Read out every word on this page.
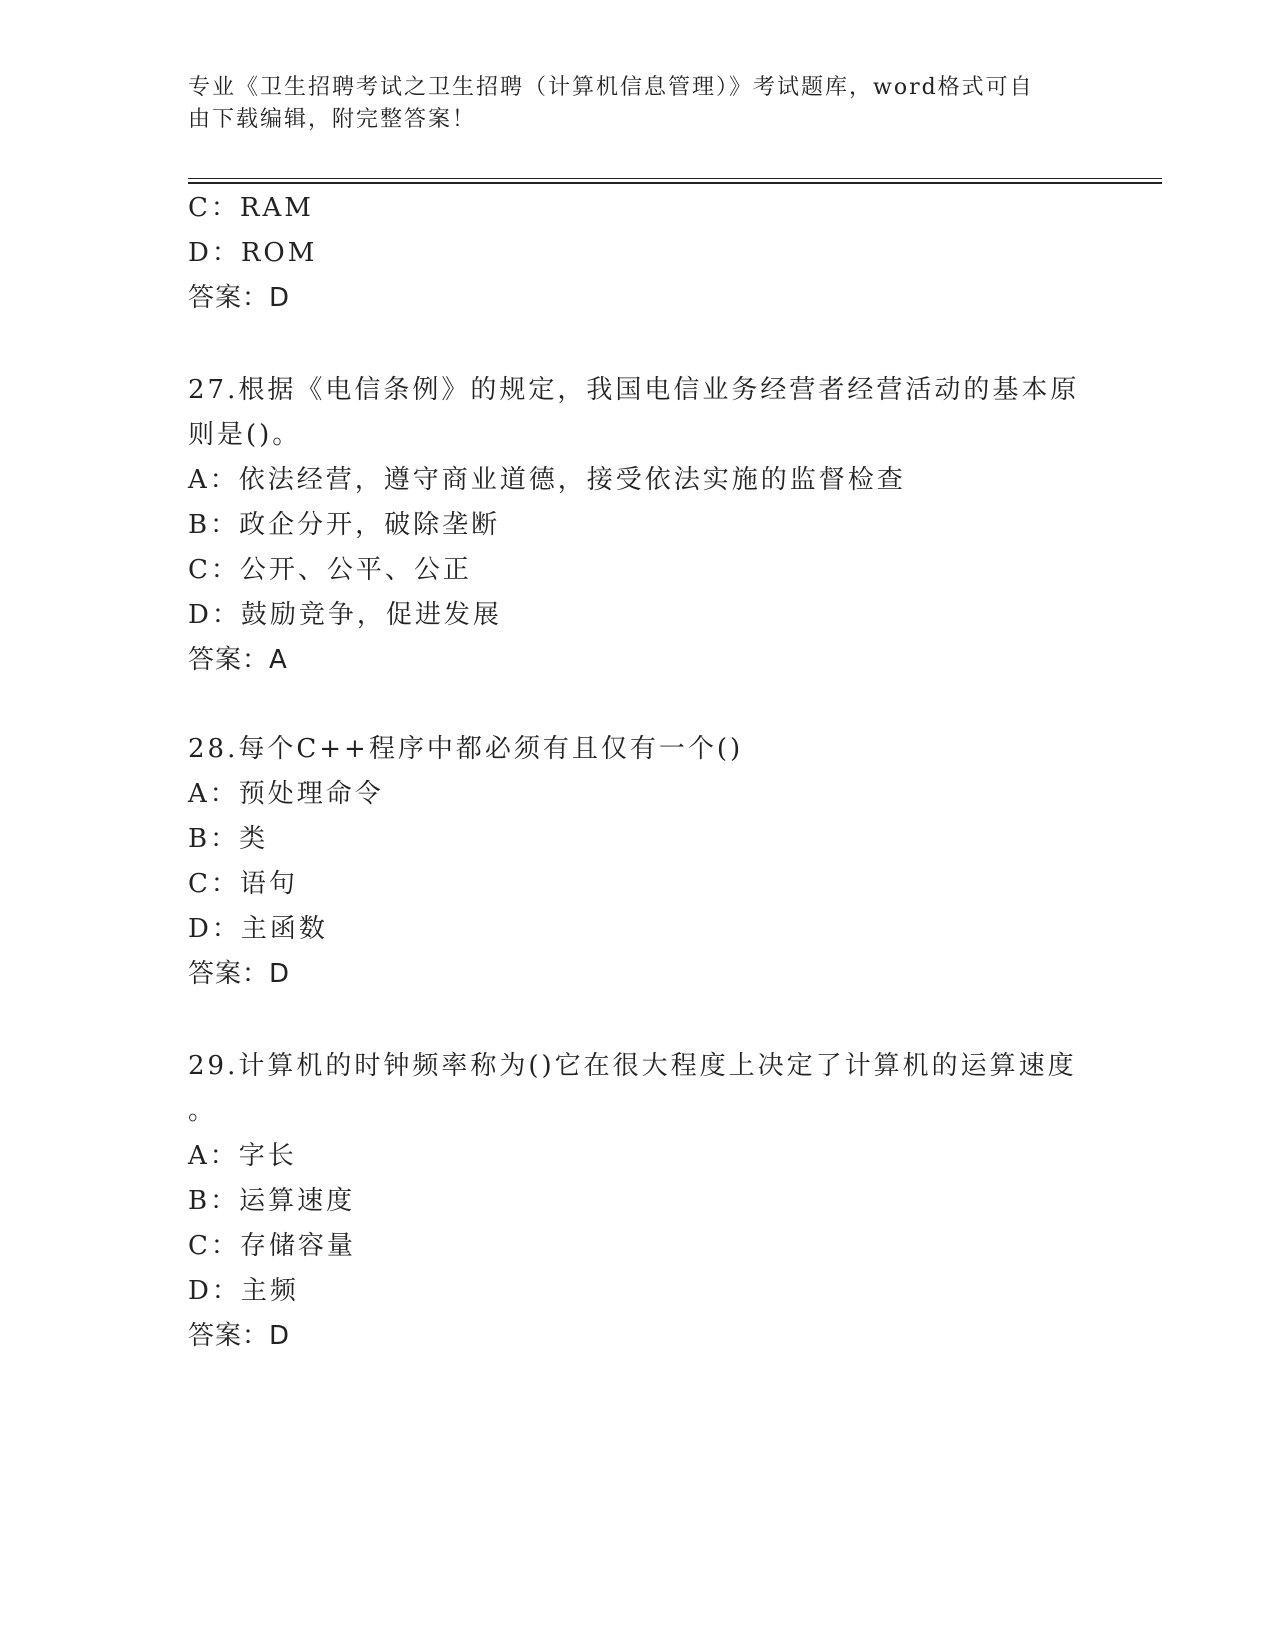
专业《卫生招聘考试之卫生招聘（计算机信息管理）》考试题库，word格式可自

由下载编辑，附完整答案！

C：RAM

D：ROM

答案：D

27.根据《电信条例》的规定，我国电信业务经营者经营活动的基本原

则是()。

A：依法经营，遵守商业道德，接受依法实施的监督检查

B：政企分开，破除垄断

C：公开、公平、公正

D：鼓励竞争，促进发展

答案：A

28.每个C++程序中都必须有且仅有一个()

A：预处理命令

B：类

C：语句

D：主函数

答案：D

29.计算机的时钟频率称为()它在很大程度上决定了计算机的运算速度

。

A：字长

B：运算速度

C：存储容量

D：主频

答案：D
